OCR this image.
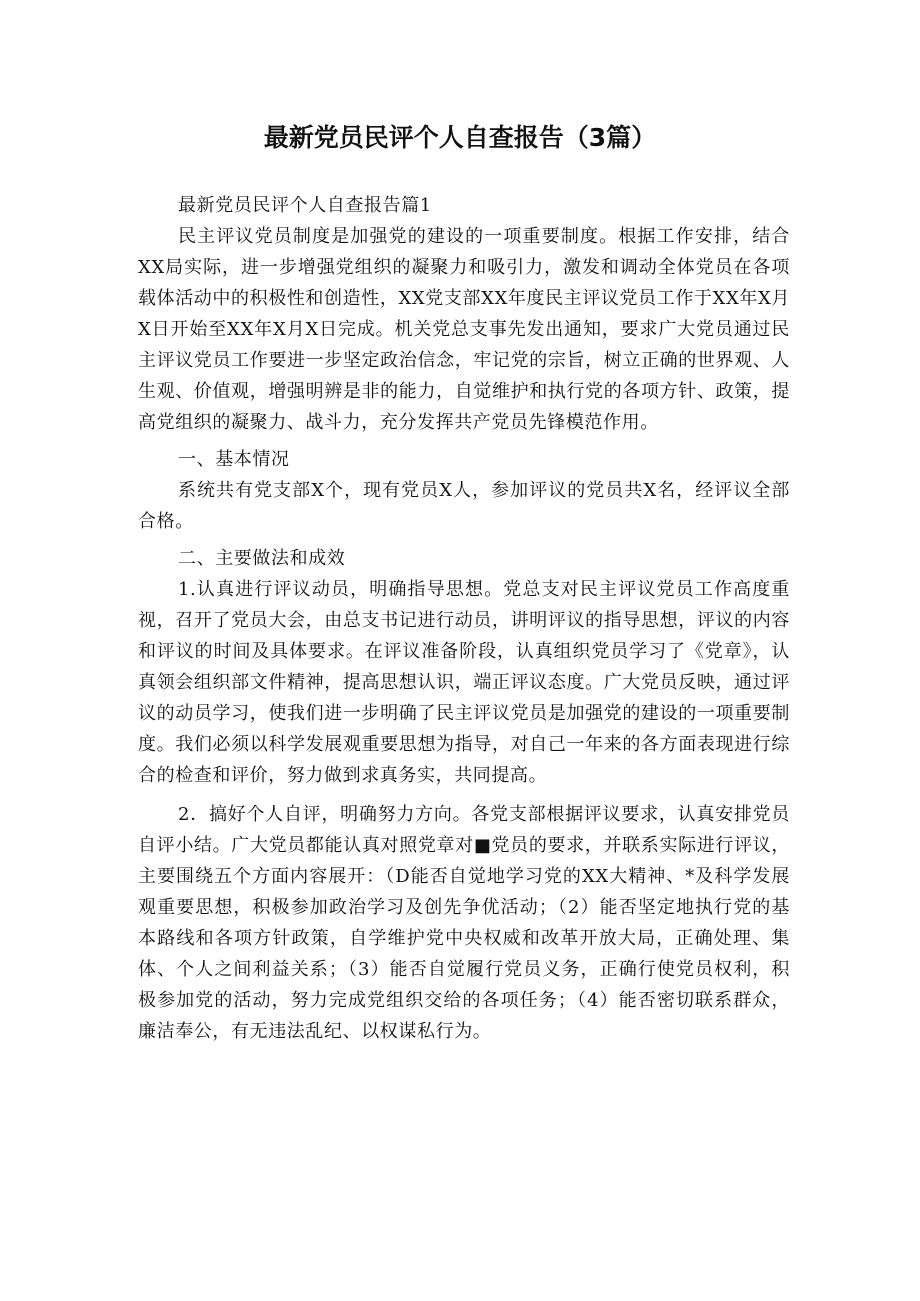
最新党员民评个人自查报告（3篇）

最新党员民评个人自查报告篇1

民主评议党员制度是加强党的建设的一项重要制度。根据工作安排，结合XX局实际，进一步增强党组织的凝聚力和吸引力，激发和调动全体党员在各项载体活动中的积极性和创造性，XX党支部XX年度民主评议党员工作于XX年X月X日开始至XX年X月X日完成。机关党总支事先发出通知，要求广大党员通过民主评议党员工作要进一步坚定政治信念，牢记党的宗旨，树立正确的世界观、人生观、价值观，增强明辨是非的能力，自觉维护和执行党的各项方针、政策，提高党组织的凝聚力、战斗力，充分发挥共产党员先锋模范作用。

一、基本情况

系统共有党支部X个，现有党员X人，参加评议的党员共X名，经评议全部合格。

二、主要做法和成效

1.认真进行评议动员，明确指导思想。党总支对民主评议党员工作高度重视，召开了党员大会，由总支书记进行动员，讲明评议的指导思想，评议的内容和评议的时间及具体要求。在评议准备阶段，认真组织党员学习了《党章》，认真领会组织部文件精神，提高思想认识，端正评议态度。广大党员反映，通过评议的动员学习，使我们进一步明确了民主评议党员是加强党的建设的一项重要制度。我们必须以科学发展观重要思想为指导，对自己一年来的各方面表现进行综合的检查和评价，努力做到求真务实，共同提高。

2．搞好个人自评，明确努力方向。各党支部根据评议要求，认真安排党员自评小结。广大党员都能认真对照党章对■党员的要求，并联系实际进行评议，主要围绕五个方面内容展开：（D能否自觉地学习党的XX大精神、*及科学发展观重要思想，积极参加政治学习及创先争优活动；（2）能否坚定地执行党的基本路线和各项方针政策，自学维护党中央权威和改革开放大局，正确处理、集体、个人之间利益关系；（3）能否自觉履行党员义务，正确行使党员权利，积极参加党的活动，努力完成党组织交给的各项任务；（4）能否密切联系群众，廉洁奉公，有无违法乱纪、以权谋私行为。
